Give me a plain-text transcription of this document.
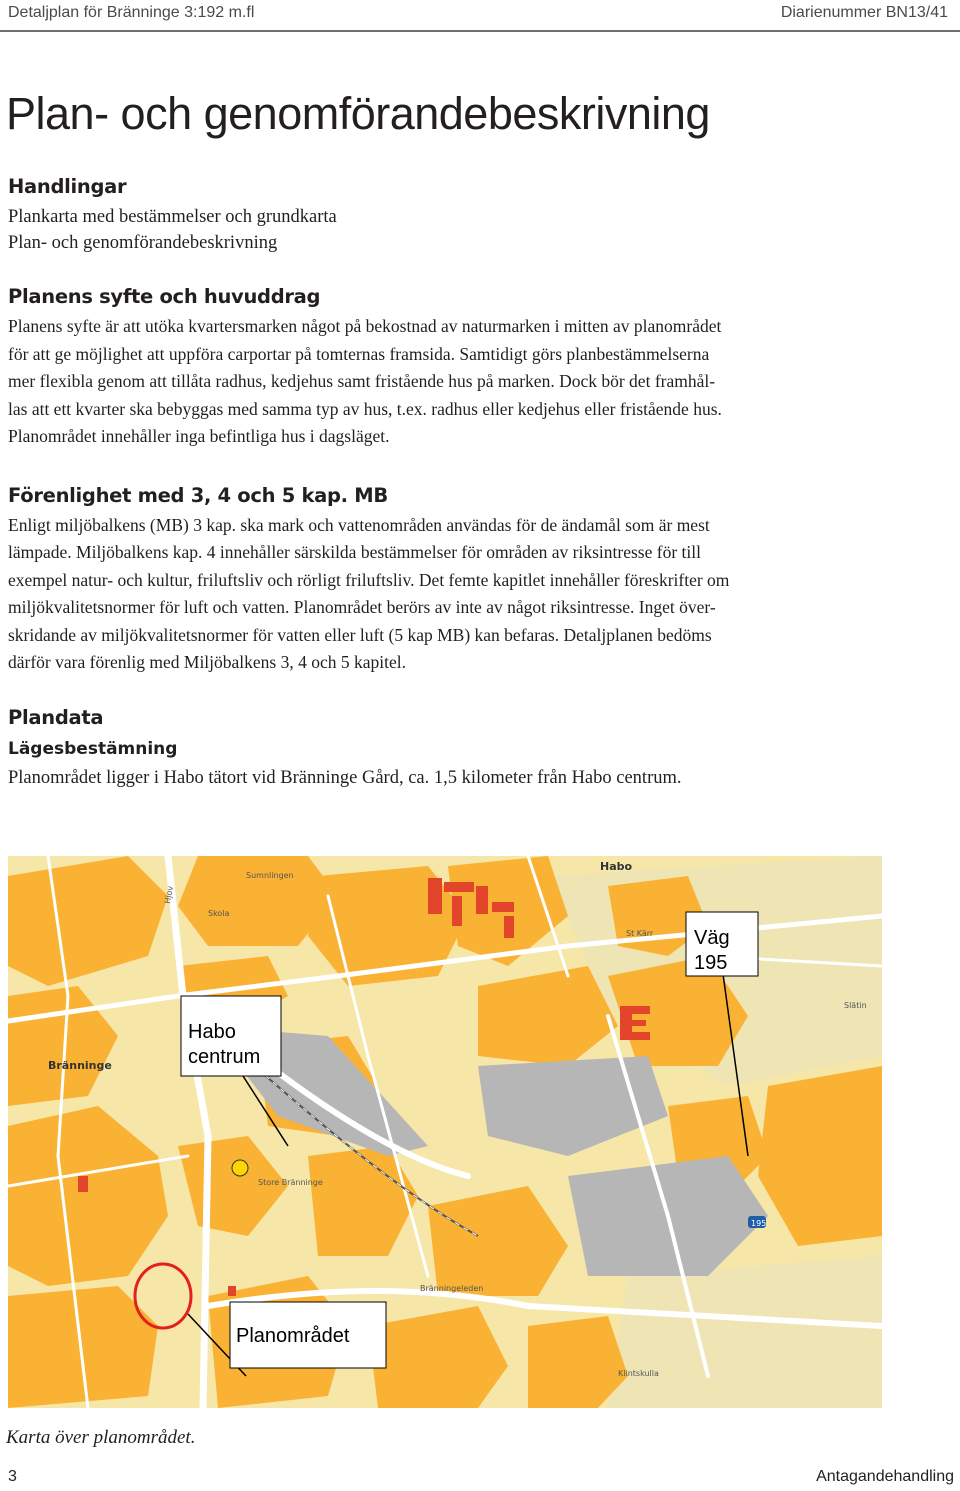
Detaljplan för Bränninge 3:192 m.fl	Diarienummer BN13/41
Plan- och genomförandebeskrivning
Handlingar

Plankarta med bestämmelser och grundkarta

Plan- och genomförandebeskrivning

Planens syfte och huvuddrag

Planens syfte är att utöka kvartersmarken något på bekostnad av naturmarken i mitten av planområdet

för att ge möjlighet att uppföra carportar på tomternas framsida. Samtidigt görs planbestämmelserna

mer flexibla genom att tillåta radhus, kedjehus samt fristående hus på marken. Dock bör det framhål-

las att ett kvarter ska bebyggas med samma typ av hus, t.ex. radhus eller kedjehus eller fristående hus.

Planområdet innehåller inga befintliga hus i dagsläget.

Förenlighet med 3, 4 och 5 kap. MB

Enligt miljöbalkens (MB) 3 kap. ska mark och vattenområden användas för de ändamål som är mest

lämpade. Miljöbalkens kap. 4 innehåller särskilda bestämmelser för områden av riksintresse för till

exempel natur- och kultur, friluftsliv och rörligt friluftsliv. Det femte kapitlet innehåller föreskrifter om

miljökvalitetsnormer för luft och vatten. Planområdet berörs av inte av något riksintresse. Inget över-

skridande av miljökvalitetsnormer för vatten eller luft (5 kap MB) kan befaras. Detaljplanen bedöms

därför vara förenlig med Miljöbalkens 3, 4 och 5 kapitel.

Plandata
Lägesbestämning

Planområdet ligger i Habo tätort vid Bränninge Gård, ca. 1,5 kilometer från Habo centrum.

Bränninge
Habo
Sumnlingen
Skola
Hjov
Store Bränninge
St Kärr
Slätin
Bränningeleden
Klintskulla
195
Väg
195
Habo
centrum
Planområdet

Karta över planområdet.

3	Antagandehandling
